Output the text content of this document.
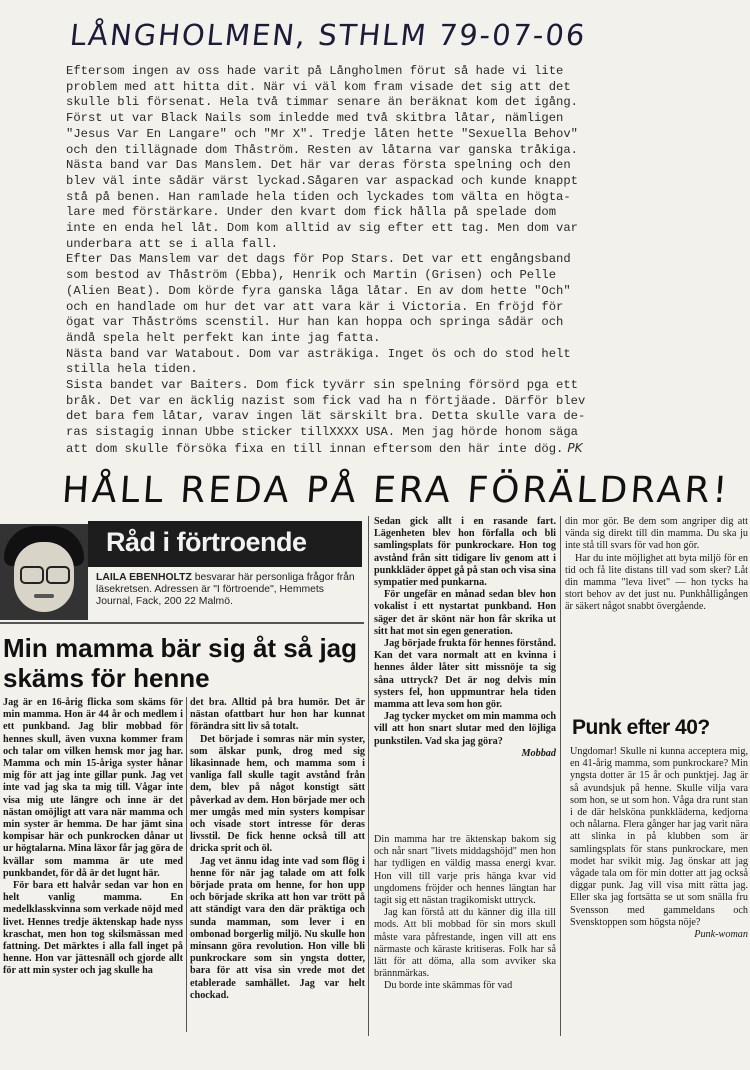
LÅNGHOLMEN, STHLM 79-07-06

Eftersom ingen av oss hade varit på Långholmen förut så hade vi lite

problem med att hitta dit. När vi väl kom fram visade det sig att det

skulle bli försenat. Hela två timmar senare än beräknat kom det igång.

Först ut var Black Nails som inledde med två skitbra låtar, nämligen

"Jesus Var En Langare" och "Mr X". Tredje låten hette "Sexuella Behov"

och den tillägnade dom Thåström. Resten av låtarna var ganska tråkiga.

Nästa band var Das Manslem. Det här var deras första spelning och den

blev väl inte sådär värst lyckad.Sågaren var aspackad och kunde knappt

stå på benen. Han ramlade hela tiden och lyckades tom välta en högta-

lare med förstärkare. Under den kvart dom fick hålla på spelade dom

inte en enda hel låt. Dom kom alltid av sig efter ett tag. Men dom var

underbara att se i alla fall.

Efter Das Manslem var det dags för Pop Stars. Det var ett engångsband

som bestod av Thåström (Ebba), Henrik och Martin (Grisen) och Pelle

(Alien Beat). Dom körde fyra ganska låga låtar. En av dom hette "Och"

och en handlade om hur det var att vara kär i Victoria. En fröjd för

ögat var Thåströms scenstil. Hur han kan hoppa och springa sådär och

ändå spela helt perfekt kan inte jag fatta.

Nästa band var Watabout. Dom var asträkiga. Inget ös och do stod helt

stilla hela tiden.

Sista bandet var Baiters. Dom fick tyvärr sin spelning försörd pga ett

bråk. Det var en äcklig nazist som fick vad ha n förtjäade. Därför blev

det bara fem låtar, varav ingen lät särskilt bra. Detta skulle vara de-

ras sistagig innan Ubbe sticker tillXXXX USA. Men jag hörde honom säga

att dom skulle försöka fixa en till innan eftersom den här inte dög. PK

HÅLL REDA PÅ ERA FÖRÄLDRAR!
Råd i förtroende
LAILA EBENHOLTZ besvarar här personliga frågor från läsekretsen. Adressen är "I förtroende", Hemmets Journal, Fack, 200 22 Malmö.
Min mamma bär sig åt så jag skäms för henne

Jag är en 16-årig flicka som skäms för min mamma. Hon är 44 år och medlem i ett punkband. Jag blir mobbad för hennes skull, även vuxna kommer fram och talar om vilken hemsk mor jag har. Mamma och min 15-åriga syster hånar mig för att jag inte gillar punk. Jag vet inte vad jag ska ta mig till. Vågar inte visa mig ute längre och inne är det nästan omöjligt att vara när mamma och min syster är hemma. De har jämt sina kompisar här och punkrocken dånar ut ur högtalarna. Mina läxor får jag göra de kvällar som mamma är ute med punkbandet, för då är det lugnt här.

För bara ett halvår sedan var hon en helt vanlig mamma. En medelklasskvinna som verkade nöjd med livet. Hennes tredje äktenskap hade nyss kraschat, men hon tog skilsmässan med fattning. Det märktes i alla fall inget på henne. Hon var jättesnäll och gjorde allt för att min syster och jag skulle ha

det bra. Alltid på bra humör. Det är nästan ofattbart hur hon har kunnat förändra sitt liv så totalt.

Det började i somras när min syster, som älskar punk, drog med sig likasinnade hem, och mamma som i vanliga fall skulle tagit avstånd från dem, blev på något konstigt sätt påverkad av dem. Hon började mer och mer umgås med min systers kompisar och visade stort intresse för deras livsstil. De fick henne också till att dricka sprit och öl.

Jag vet ännu idag inte vad som flög i henne för när jag talade om att folk började prata om henne, for hon upp och började skrika att hon var trött på att ständigt vara den där präktiga och sunda mamman, som lever i en ombonad borgerlig miljö. Nu skulle hon minsann göra revolution. Hon ville bli punkrockare som sin yngsta dotter, bara för att visa sin vrede mot det etablerade samhället. Jag var helt chockad.

Sedan gick allt i en rasande fart. Lägenheten blev hon förfalla och bli samlingsplats för punkrockare. Hon tog avstånd från sitt tidigare liv genom att i punkkläder öppet gå på stan och visa sina sympatier med punkarna.

För ungefär en månad sedan blev hon vokalist i ett nystartat punkband. Hon säger det är skönt när hon får skrika ut sitt hat mot sin egen generation.

Jag började frukta för hennes förstånd. Kan det vara normalt att en kvinna i hennes ålder låter sitt missnöje ta sig såna uttryck? Det är nog delvis min systers fel, hon uppmuntrar hela tiden mamma att leva som hon gör.

Jag tycker mycket om min mamma och vill att hon snart slutar med den löjliga punkstilen. Vad ska jag göra?

Mobbad

Din mamma har tre äktenskap bakom sig och når snart "livets middagshöjd" men hon har tydligen en väldig massa energi kvar. Hon vill till varje pris hänga kvar vid ungdomens fröjder och hennes längtan har tagit sig ett nästan tragikomiskt uttryck.

Jag kan förstå att du känner dig illa till mods. Att bli mobbad för sin mors skull måste vara påfrestande, ingen vill att ens närmaste och käraste kritiseras. Folk har så lätt för att döma, alla som avviker ska brännmärkas.

Du borde inte skämmas för vad

din mor gör. Be dem som angriper dig att vända sig direkt till din mamma. Du ska ju inte stå till svars för vad hon gör.

Har du inte möjlighet att byta miljö för en tid och få lite distans till vad som sker? Låt din mamma "leva livet" — hon tycks ha stort behov av det just nu. Punkhålligången är säkert något snabbt övergående.

Punk efter 40?

Ungdomar! Skulle ni kunna acceptera mig, en 41-årig mamma, som punkrockare? Min yngsta dotter är 15 år och punktjej. Jag är så avundsjuk på henne. Skulle vilja vara som hon, se ut som hon. Våga dra runt stan i de där helsköna punkkläderna, kedjorna och nålarna. Flera gånger har jag varit nära att slinka in på klubben som är samlingsplats för stans punkrockare, men modet har svikit mig. Jag önskar att jag vågade tala om för min dotter att jag också diggar punk. Jag vill visa mitt rätta jag. Eller ska jag fortsätta se ut som snälla fru Svensson med gammeldans och Svensktoppen som högsta nöje?

Punk-woman
